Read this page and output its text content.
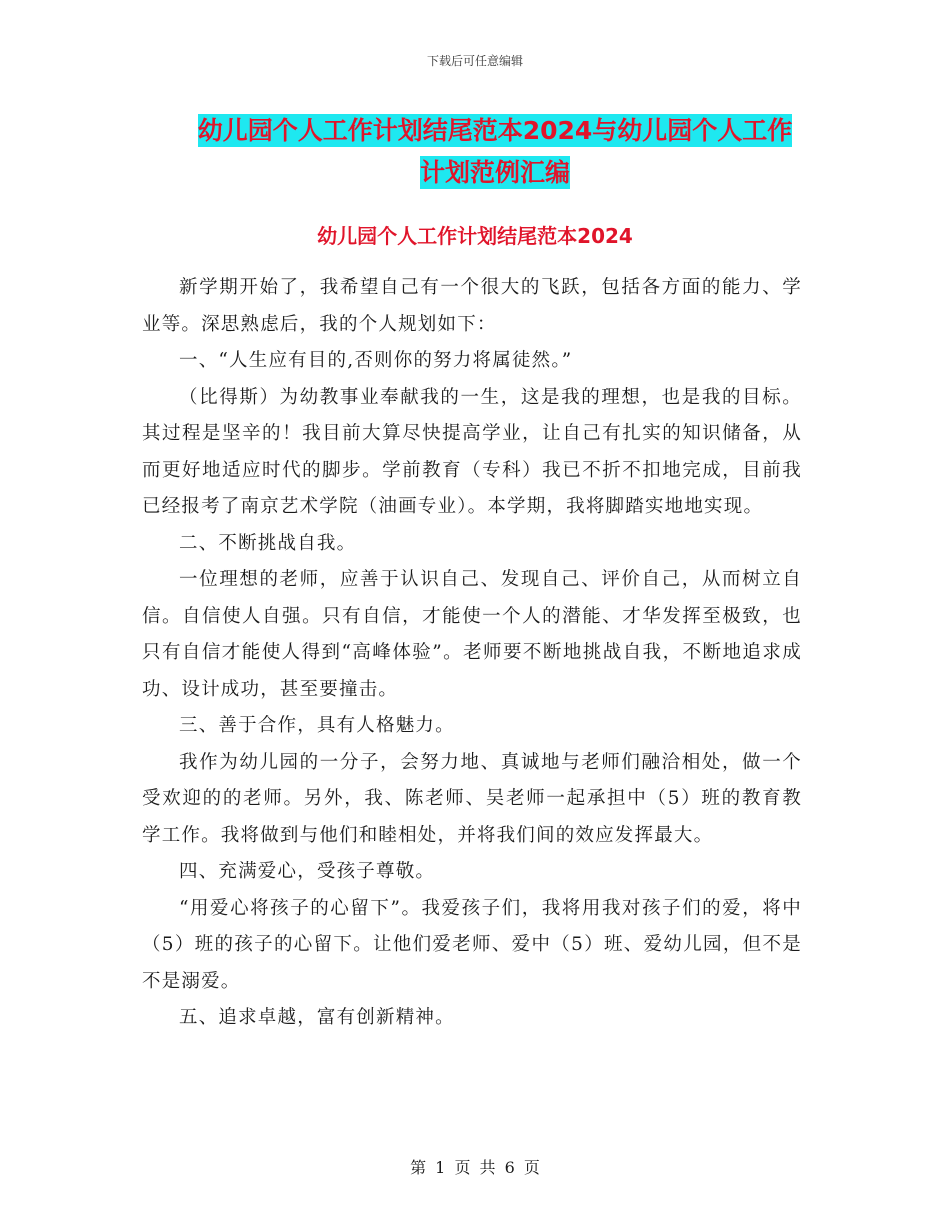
下载后可任意编辑
幼儿园个人工作计划结尾范本2024与幼儿园个人工作
计划范例汇编
幼儿园个人工作计划结尾范本2024

新学期开始了，我希望自己有一个很大的飞跃，包括各方面的能力、学业等。深思熟虑后，我的个人规划如下：

一、“人生应有目的,否则你的努力将属徒然。”

（比得斯）为幼教事业奉献我的一生，这是我的理想，也是我的目标。其过程是坚辛的！我目前大算尽快提高学业，让自己有扎实的知识储备，从而更好地适应时代的脚步。学前教育（专科）我已不折不扣地完成，目前我已经报考了南京艺术学院（油画专业）。本学期，我将脚踏实地地实现。

二、不断挑战自我。

一位理想的老师，应善于认识自己、发现自己、评价自己，从而树立自信。自信使人自强。只有自信，才能使一个人的潜能、才华发挥至极致，也只有自信才能使人得到“高峰体验”。老师要不断地挑战自我，不断地追求成功、设计成功，甚至要撞击。

三、善于合作，具有人格魅力。

我作为幼儿园的一分子，会努力地、真诚地与老师们融洽相处，做一个受欢迎的的老师。另外，我、陈老师、吴老师一起承担中（5）班的教育教学工作。我将做到与他们和睦相处，并将我们间的效应发挥最大。

四、充满爱心，受孩子尊敬。

“用爱心将孩子的心留下”。我爱孩子们，我将用我对孩子们的爱，将中（5）班的孩子的心留下。让他们爱老师、爱中（5）班、爱幼儿园，但不是不是溺爱。

五、追求卓越，富有创新精神。

第 1 页 共 6 页
